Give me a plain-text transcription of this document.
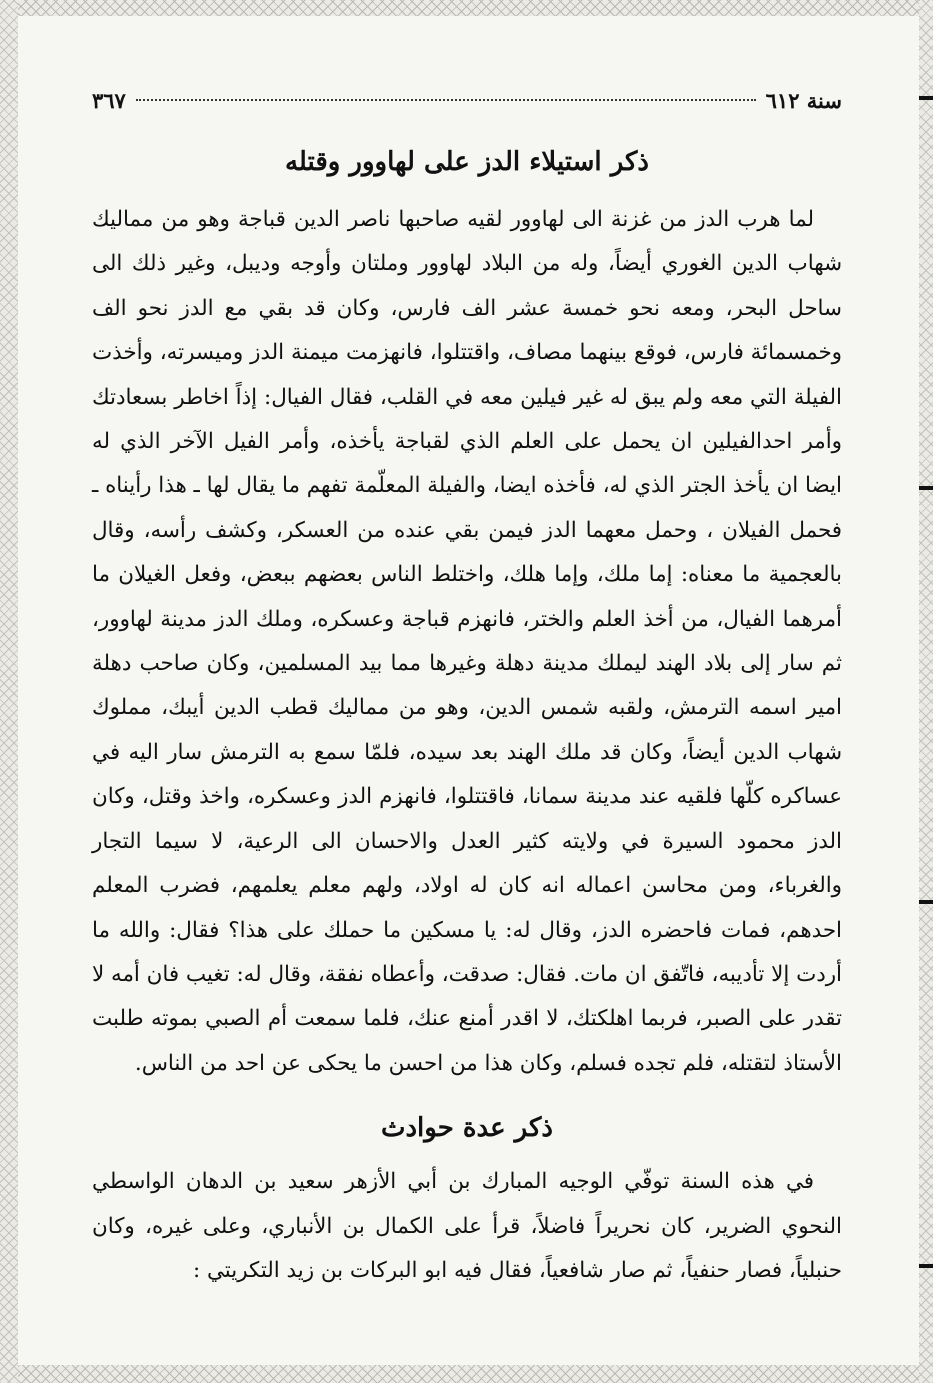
سنة ٦١٢
٣٦٧
ذكر استيلاء الدز على لهاوور وقتله

لما هرب الدز من غزنة الى لهاوور لقيه صاحبها ناصر الدين قباجة وهو من مماليك شهاب الدين الغوري أيضاً، وله من البلاد لهاوور وملتان وأوجه وديبل، وغير ذلك الى ساحل البحر، ومعه نحو خمسة عشر الف فارس، وكان قد بقي مع الدز نحو الف وخمسمائة فارس، فوقع بينهما مصاف، واقتتلوا، فانهزمت ميمنة الدز وميسرته، وأخذت الفيلة التي معه ولم يبق له غير فيلين معه في القلب، فقال الفيال: إذاً اخاطر بسعادتك وأمر احدالفيلين ان يحمل على العلم الذي لقباجة يأخذه، وأمر الفيل الآخر الذي له ايضا ان يأخذ الجتر الذي له، فأخذه ايضا، والفيلة المعلّمة تفهم ما يقال لها ـ هذا رأيناه ـ فحمل الفيلان ، وحمل معهما الدز فيمن بقي عنده من العسكر، وكشف رأسه، وقال بالعجمية ما معناه: إما ملك، وإما هلك، واختلط الناس بعضهم ببعض، وفعل الغيلان ما أمرهما الفيال، من أخذ العلم والختر، فانهزم قباجة وعسكره، وملك الدز مدينة لهاوور، ثم سار إلى بلاد الهند ليملك مدينة دهلة وغيرها مما بيد المسلمين، وكان صاحب دهلة امير اسمه الترمش، ولقبه شمس الدين، وهو من مماليك قطب الدين أيبك، مملوك شهاب الدين أيضاً، وكان قد ملك الهند بعد سيده، فلمّا سمع به الترمش سار اليه في عساكره كلّها فلقيه عند مدينة سمانا، فاقتتلوا، فانهزم الدز وعسكره، واخذ وقتل، وكان الدز محمود السيرة في ولايته كثير العدل والاحسان الى الرعية، لا سيما التجار والغرباء، ومن محاسن اعماله انه كان له اولاد، ولهم معلم يعلمهم، فضرب المعلم احدهم، فمات فاحضره الدز، وقال له: يا مسكين ما حملك على هذا؟ فقال: والله ما أردت إلا تأديبه، فاتّفق ان مات. فقال: صدقت، وأعطاه نفقة، وقال له: تغيب فان أمه لا تقدر على الصبر، فربما اهلكتك، لا اقدر أمنع عنك، فلما سمعت أم الصبي بموته طلبت الأستاذ لتقتله، فلم تجده فسلم، وكان هذا من احسن ما يحكى عن احد من الناس.

ذكر عدة حوادث

في هذه السنة توفّي الوجيه المبارك بن أبي الأزهر سعيد بن الدهان الواسطي النحوي الضرير، كان نحريراً فاضلاً، قرأ على الكمال بن الأنباري، وعلى غيره، وكان حنبلياً، فصار حنفياً، ثم صار شافعياً، فقال فيه ابو البركات بن زيد التكريتي :
